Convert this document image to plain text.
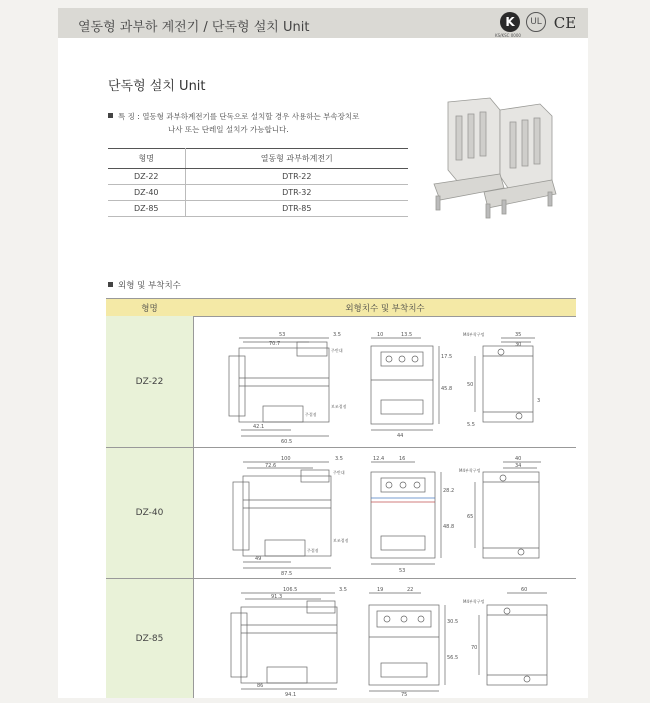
열동형 과부하 계전기 / 단독형 설치 Unit	K
KS/KSC 0000
UL CE
단독형 설치 Unit
특 징 : 열동형 과부하계전기를 단독으로 설치할 경우 사용하는 부속장치로
나사 또는 단레일 설치가 가능합니다.
형명	열동형 과부하계전기
DZ-22	DTR-22
DZ-40	DTR-32
DZ-85	DTR-85
외형 및 부착치수
형명	외형치수 및 부착치수
DZ-22
53
70.7
3.5
주반대
보조접점
주접점
42.1
60.5
10	13.5
17.5
45.8
44
M4부착구멍	35
30
50
3
5.5
DZ-40
100
72.6
3.5
주반대
보조접점
주접점
49
87.5
12.4	16
28.2
48.8
53
M4부착구멍
40
34
65
DZ-85
106.5
91.3
3.5
86
94.1
19	22
30.5
56.5
75
M4부착구멍
60
70
